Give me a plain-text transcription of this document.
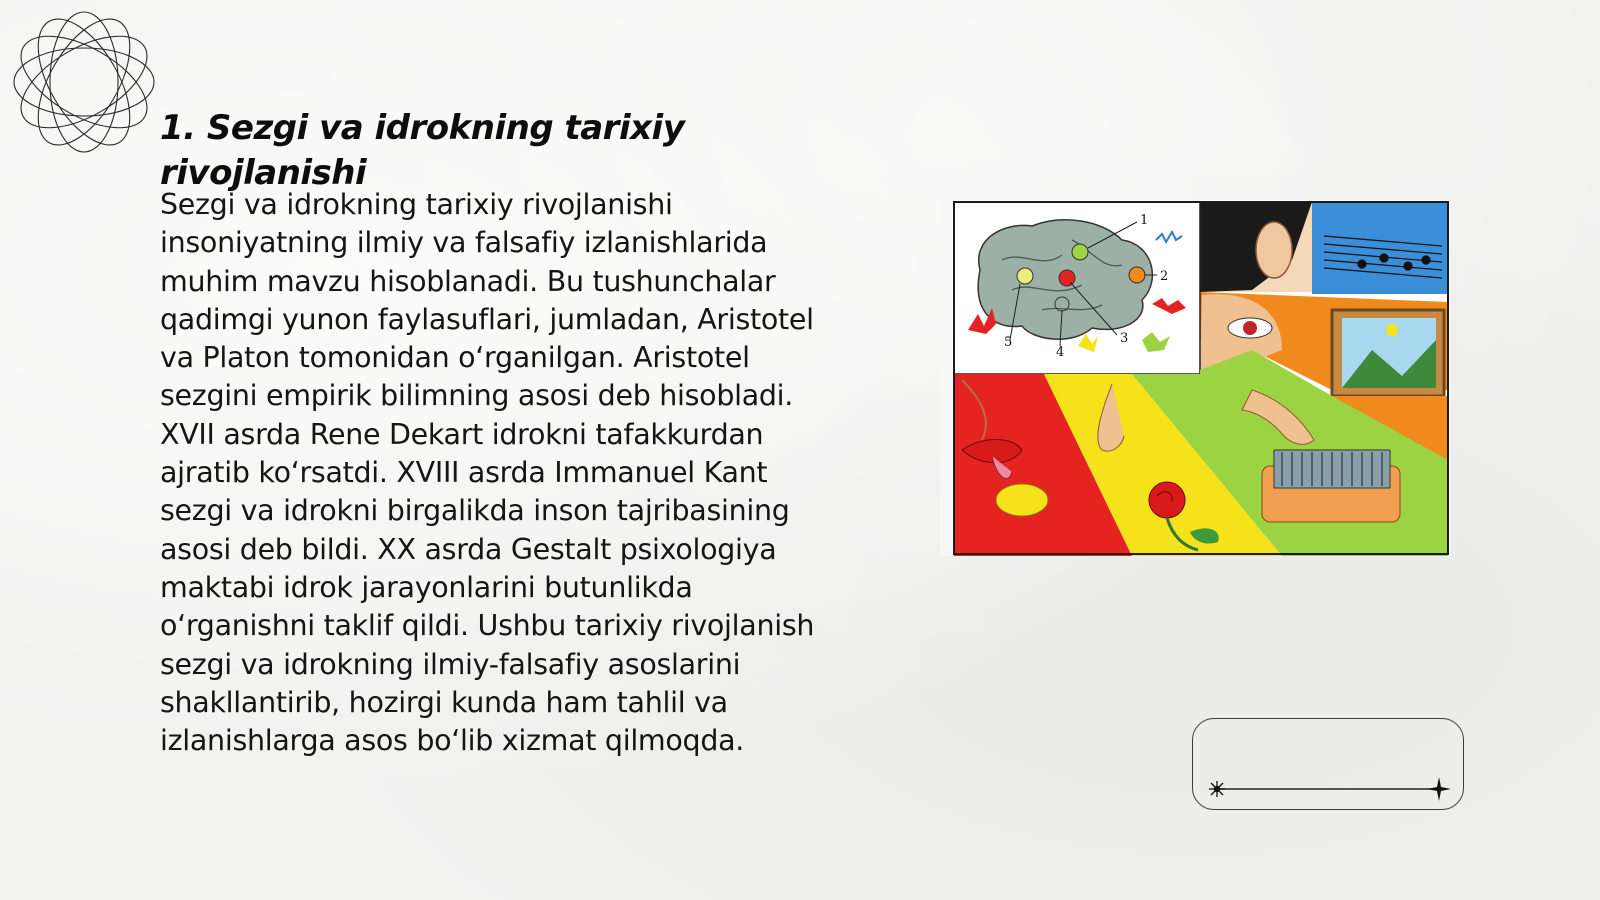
1. Sezgi va idrokning tarixiy rivojlanishi

Sezgi va idrokning tarixiy rivojlanishi insoniyatning ilmiy va falsafiy izlanishlarida muhim mavzu hisoblanadi. Bu tushunchalar qadimgi yunon faylasuflari, jumladan, Aristotel va Platon tomonidan o‘rganilgan. Aristotel sezgini empirik bilimning asosi deb hisobladi. XVII asrda Rene Dekart idrokni tafakkurdan ajratib ko‘rsatdi. XVIII asrda Immanuel Kant sezgi va idrokni birgalikda inson tajribasining asosi deb bildi. XX asrda Gestalt psixologiya maktabi idrok jarayonlarini butunlikda o‘rganishni taklif qildi. Ushbu tarixiy rivojlanish sezgi va idrokning ilmiy-falsafiy asoslarini shakllantirib, hozirgi kunda ham tahlil va izlanishlarga asos bo‘lib xizmat qilmoqda.

1
2
3
4
5
